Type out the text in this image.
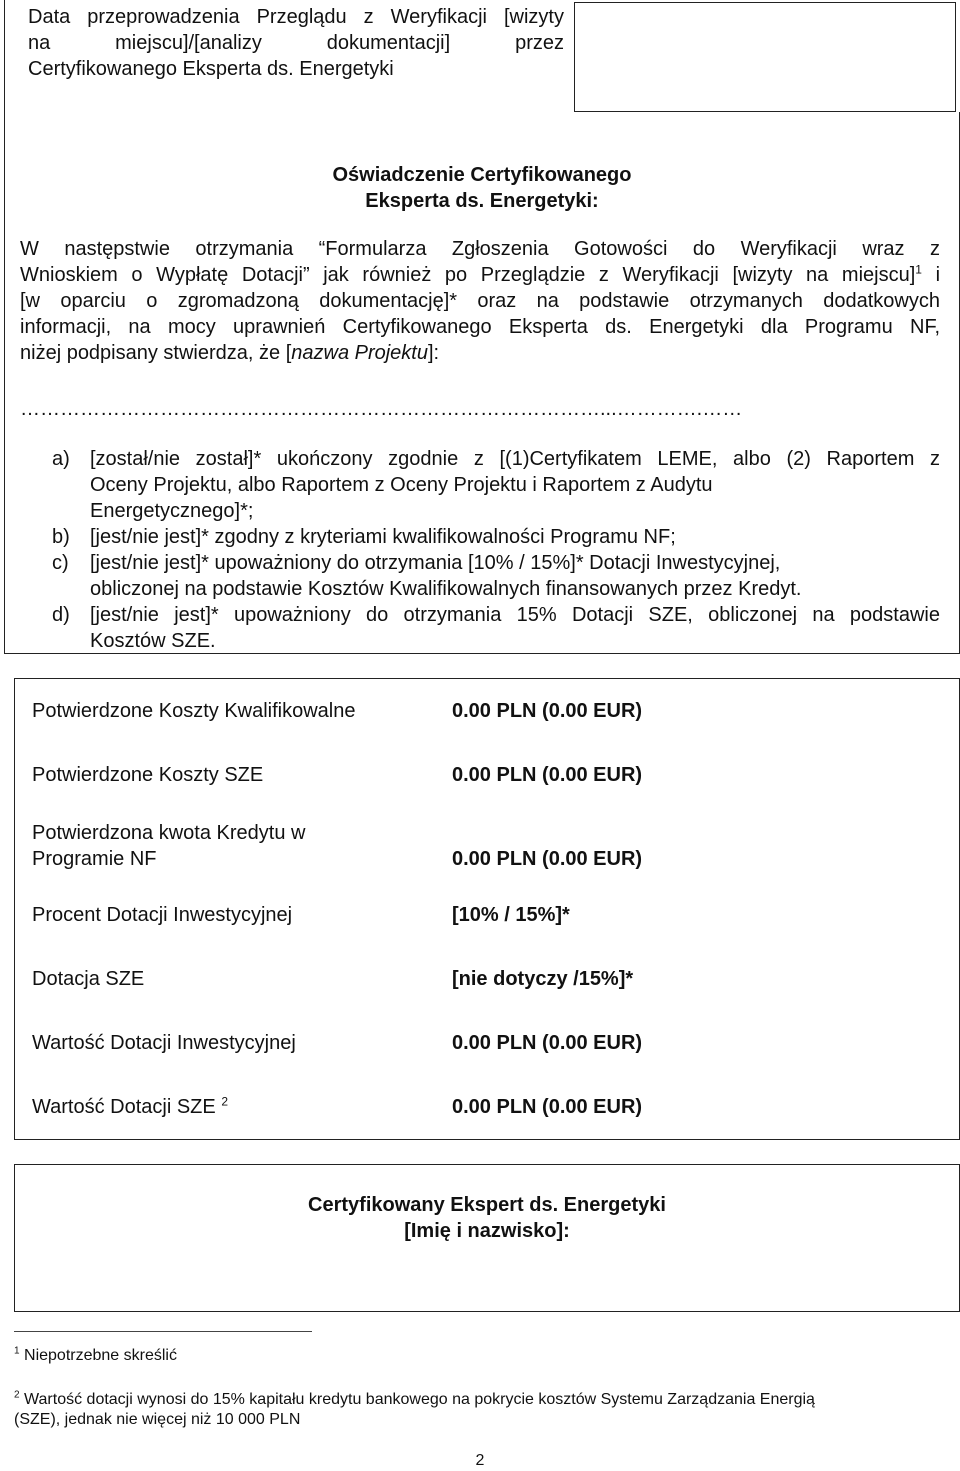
Data przeprowadzenia Przeglądu z Weryfikacji [wizyty
na miejscu]/[analizy dokumentacji] przez
Certyfikowanego Eksperta ds. Energetyki
Oświadczenie Certyfikowanego
Eksperta ds. Energetyki:
W następstwie otrzymania “Formularza Zgłoszenia Gotowości do Weryfikacji wraz z
Wnioskiem o Wypłatę Dotacji” jak również po Przeglądzie z Weryfikacji [wizyty na miejscu]$^1$ i
[w oparciu o zgromadzoną dokumentację]* oraz na podstawie otrzymanych dodatkowych
informacji, na mocy uprawnień Certyfikowanego Eksperta ds. Energetyki dla Programu NF,
niżej podpisany stwierdza, że [nazwa Projektu]:
……………………………………………………………………………...………….……
a) [został/nie został]* ukończony zgodnie z [(1)Certyfikatem LEME, albo (2) Raportem z
Oceny Projektu, albo Raportem z Oceny Projektu i Raportem z Audytu
Energetycznego]*;
b) [jest/nie jest]* zgodny z kryteriami kwalifikowalności Programu NF;
c) [jest/nie jest]* upoważniony do otrzymania [10% / 15%]* Dotacji Inwestycyjnej,
obliczonej na podstawie Kosztów Kwalifikowalnych finansowanych przez Kredyt.
d) [jest/nie jest]* upoważniony do otrzymania 15% Dotacji SZE, obliczonej na podstawie
Kosztów SZE.
Potwierdzone Koszty Kwalifikowalne	0.00 PLN (0.00 EUR)
Potwierdzone Koszty SZE	0.00 PLN (0.00 EUR)
Potwierdzona kwota Kredytu w
Programie NF	0.00 PLN (0.00 EUR)
Procent Dotacji Inwestycyjnej	[10% / 15%]*
Dotacja SZE	[nie dotyczy /15%]*
Wartość Dotacji Inwestycyjnej	0.00 PLN (0.00 EUR)
Wartość Dotacji SZE $^2$	0.00 PLN (0.00 EUR)
Certyfikowany Ekspert ds. Energetyki
[Imię i nazwisko]:
$^1$ Niepotrzebne skreślić
$^2$ Wartość dotacji wynosi do 15% kapitału kredytu bankowego na pokrycie kosztów Systemu Zarządzania Energią
(SZE), jednak nie więcej niż 10 000 PLN
2
